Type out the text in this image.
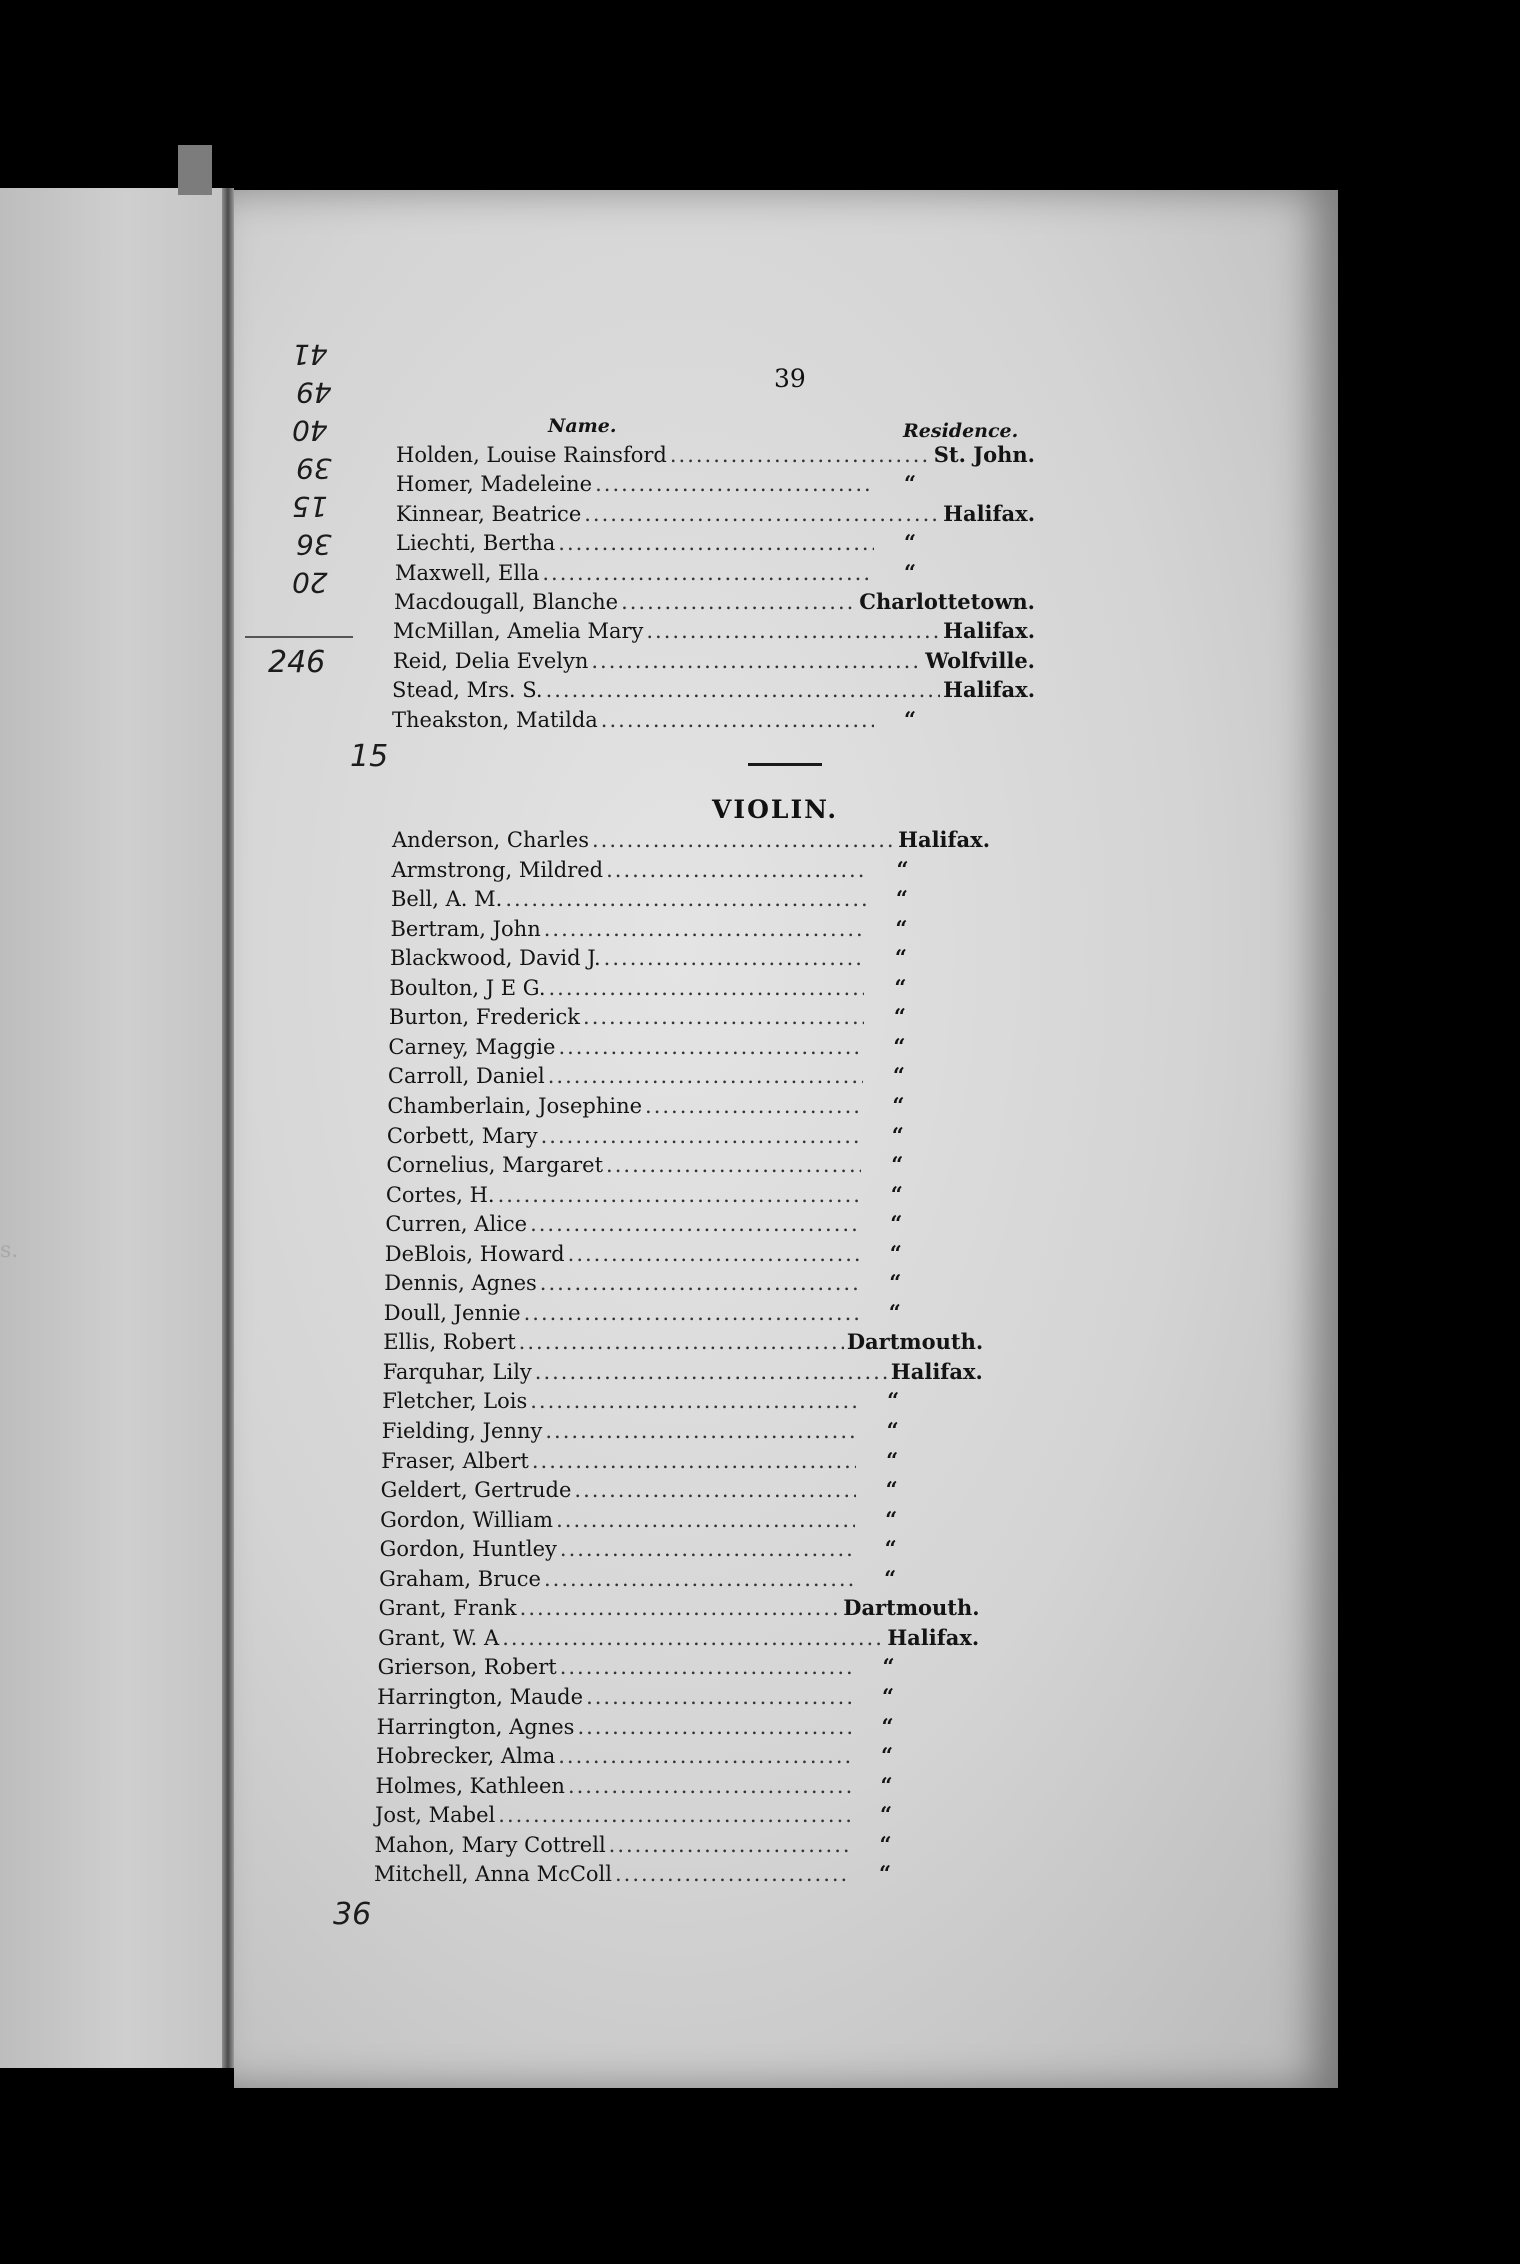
s.
39
Name.	Residence.
Holden, Louise Rainsford .....	St. John.
Homer, Madeleine .....	“
Kinnear, Beatrice .....	Halifax.
Liechti, Bertha .....	“
Maxwell, Ella .....	“
Macdougall, Blanche .....	Charlottetown.
McMillan, Amelia Mary .....	Halifax.
Reid, Delia Evelyn .....	Wolfville.
Stead, Mrs. S. .....	Halifax.
Theakston, Matilda .....	“
VIOLIN.
Anderson, Charles .....	Halifax.
Armstrong, Mildred .....	“
Bell, A. M. .....	“
Bertram, John .....	“
Blackwood, David J. .....	“
Boulton, J E G. .....	“
Burton, Frederick .....	“
Carney, Maggie .....	“
Carroll, Daniel .....	“
Chamberlain, Josephine .....	“
Corbett, Mary .....	“
Cornelius, Margaret .....	“
Cortes, H. .....	“
Curren, Alice .....	“
DeBlois, Howard .....	“
Dennis, Agnes .....	“
Doull, Jennie .....	“
Ellis, Robert .....	Dartmouth.
Farquhar, Lily .....	Halifax.
Fletcher, Lois .....	“
Fielding, Jenny .....	“
Fraser, Albert .....	“
Geldert, Gertrude .....	“
Gordon, William .....	“
Gordon, Huntley .....	“
Graham, Bruce .....	“
Grant, Frank .....	Dartmouth.
Grant, W. A .....	Halifax.
Grierson, Robert .....	“
Harrington, Maude .....	“
Harrington, Agnes .....	“
Hobrecker, Alma .....	“
Holmes, Kathleen .....	“
Jost, Mabel .....	“
Mahon, Mary Cottrell .....	“
Mitchell, Anna McColl .....	“
41
49
40
39
15
36
20
246
15
36
